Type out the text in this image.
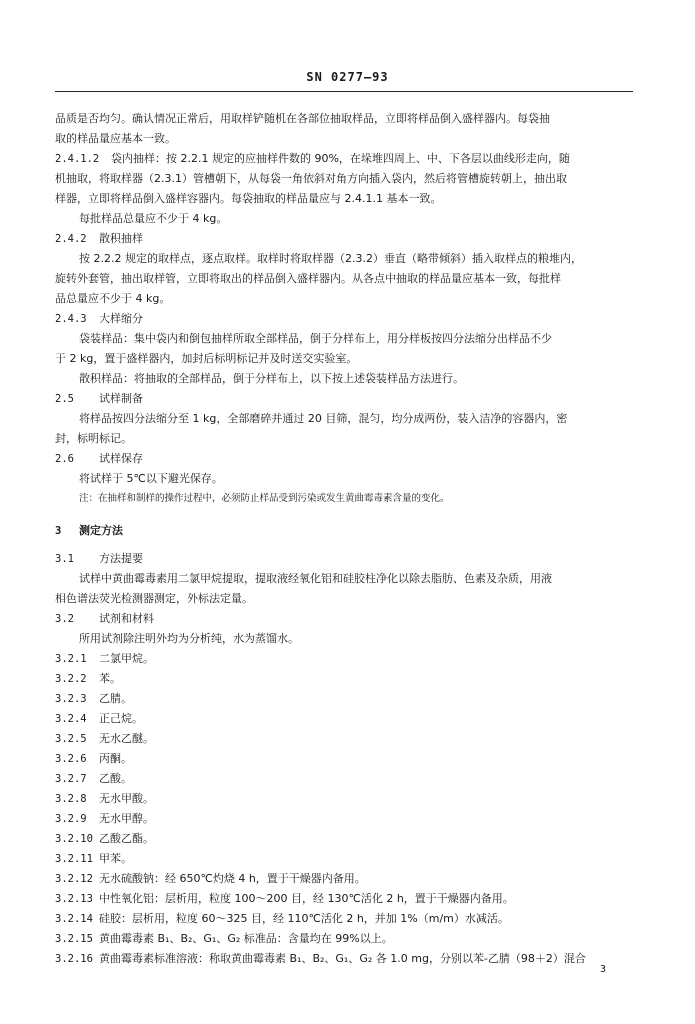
SN 0277—93
品质是否均匀。确认情况正常后，用取样铲随机在各部位抽取样品，立即将样品倒入盛样器内。每袋抽
取的样品量应基本一致。
2.4.1.2 袋内抽样：按 2.2.1 规定的应抽样件数的 90%，在垛堆四周上、中、下各层以曲线形走向，随
机抽取，将取样器（2.3.1）管槽朝下，从每袋一角依斜对角方向插入袋内，然后将管槽旋转朝上，抽出取
样器，立即将样品倒入盛样容器内。每袋抽取的样品量应与 2.4.1.1 基本一致。
每批样品总量应不少于 4 kg。
2.4.2 散积抽样
按 2.2.2 规定的取样点，逐点取样。取样时将取样器（2.3.2）垂直（略带倾斜）插入取样点的粮堆内，
旋转外套管，抽出取样管，立即将取出的样品倒入盛样器内。从各点中抽取的样品量应基本一致，每批样
品总量应不少于 4 kg。
2.4.3 大样缩分
袋装样品：集中袋内和倒包抽样所取全部样品，倒于分样布上，用分样板按四分法缩分出样品不少
于 2 kg，置于盛样器内，加封后标明标记并及时送交实验室。
散积样品：将抽取的全部样品，倒于分样布上，以下按上述袋装样品方法进行。
2.5 试样制备
将样品按四分法缩分至 1 kg，全部磨碎并通过 20 目筛，混匀，均分成两份，装入洁净的容器内，密
封，标明标记。
2.6 试样保存
将试样于 5℃以下避光保存。
注：在抽样和制样的操作过程中，必须防止样品受到污染或发生黄曲霉毒素含量的变化。
3 测定方法
3.1 方法提要
试样中黄曲霉毒素用二氯甲烷提取，提取液经氧化铝和硅胶柱净化以除去脂肪、色素及杂质，用液
相色谱法荧光检测器测定，外标法定量。
3.2 试剂和材料
所用试剂除注明外均为分析纯，水为蒸馏水。
3.2.1 二氯甲烷。
3.2.2 苯。
3.2.3 乙腈。
3.2.4 正己烷。
3.2.5 无水乙醚。
3.2.6 丙酮。
3.2.7 乙酸。
3.2.8 无水甲酸。
3.2.9 无水甲醇。
3.2.10 乙酸乙酯。
3.2.11 甲苯。
3.2.12 无水硫酸钠：经 650℃灼烧 4 h，置于干燥器内备用。
3.2.13 中性氧化铝：层析用，粒度 100～200 目，经 130℃活化 2 h，置于干燥器内备用。
3.2.14 硅胶：层析用，粒度 60～325 目，经 110℃活化 2 h，并加 1%（m/m）水减活。
3.2.15 黄曲霉毒素 B₁、B₂、G₁、G₂ 标准品：含量均在 99%以上。
3.2.16 黄曲霉毒素标准溶液：称取黄曲霉毒素 B₁、B₂、G₁、G₂ 各 1.0 mg，分别以苯-乙腈（98＋2）混合
3
